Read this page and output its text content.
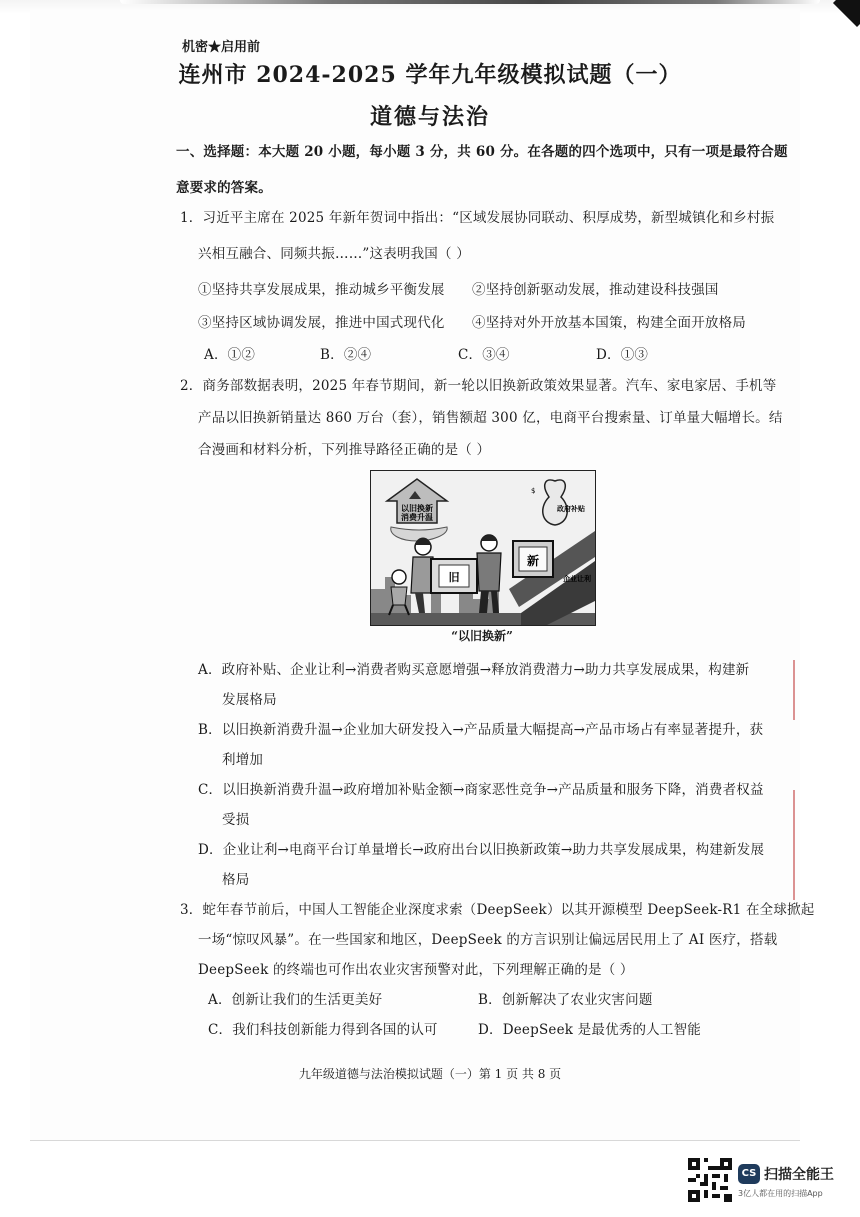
机密★启用前
连州市 2024-2025 学年九年级模拟试题（一）
道德与法治
一、选择题：本大题 20 小题，每小题 3 分，共 60 分。在各题的四个选项中，只有一项是最符合题
意要求的答案。
1．习近平主席在 2025 年新年贺词中指出：“区域发展协同联动、积厚成势，新型城镇化和乡村振
兴相互融合、同频共振……”这表明我国（ ）
①坚持共享发展成果，推动城乡平衡发展 ②坚持创新驱动发展，推动建设科技强国
③坚持区域协调发展，推进中国式现代化 ④坚持对外开放基本国策，构建全面开放格局
A．①②	B．②④	C．③④	D．①③
2．商务部数据表明，2025 年春节期间，新一轮以旧换新政策效果显著。汽车、家电家居、手机等
产品以旧换新销量达 860 万台（套），销售额超 300 亿，电商平台搜索量、订单量大幅增长。结
合漫画和材料分析，下列推导路径正确的是（ ）
以旧换新
消费升温
$
政府补贴
企业让利
新
旧
“以旧换新”
A．政府补贴、企业让利→消费者购买意愿增强→释放消费潜力→助力共享发展成果，构建新
发展格局
B．以旧换新消费升温→企业加大研发投入→产品质量大幅提高→产品市场占有率显著提升，获
利增加
C．以旧换新消费升温→政府增加补贴金额→商家恶性竞争→产品质量和服务下降，消费者权益
受损
D．企业让利→电商平台订单量增长→政府出台以旧换新政策→助力共享发展成果，构建新发展
格局
3．蛇年春节前后，中国人工智能企业深度求索（DeepSeek）以其开源模型 DeepSeek-R1 在全球掀起
一场“惊叹风暴”。在一些国家和地区，DeepSeek 的方言识别让偏远居民用上了 AI 医疗，搭载
DeepSeek 的终端也可作出农业灾害预警对此，下列理解正确的是（ ）
A．创新让我们的生活更美好	B．创新解决了农业灾害问题
C．我们科技创新能力得到各国的认可	D．DeepSeek 是最优秀的人工智能
九年级道德与法治模拟试题（一）第 1 页 共 8 页
CS 扫描全能王
3亿人都在用的扫描App
